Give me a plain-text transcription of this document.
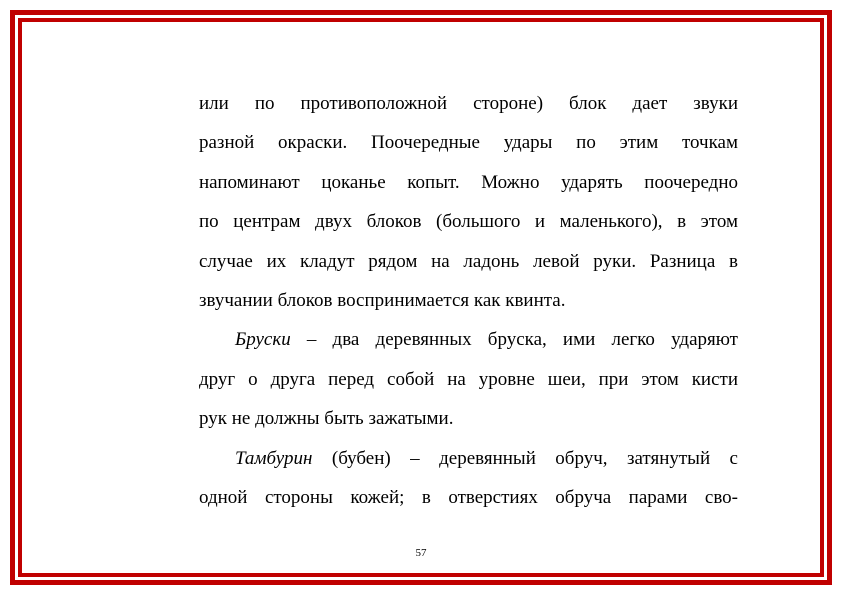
или по противоположной стороне) блок дает звуки
разной окраски. Поочередные удары по этим точкам
напоминают цоканье копыт. Можно ударять поочередно
по центрам двух блоков (большого и маленького), в этом
случае их кладут рядом на ладонь левой руки. Разница в
звучании блоков воспринимается как квинта.
Бруски – два деревянных бруска, ими легко ударяют
друг о друга перед собой на уровне шеи, при этом кисти
рук не должны быть зажатыми.
Тамбурин (бубен) – деревянный обруч, затянутый с
одной стороны кожей; в отверстиях обруча парами сво-
57
